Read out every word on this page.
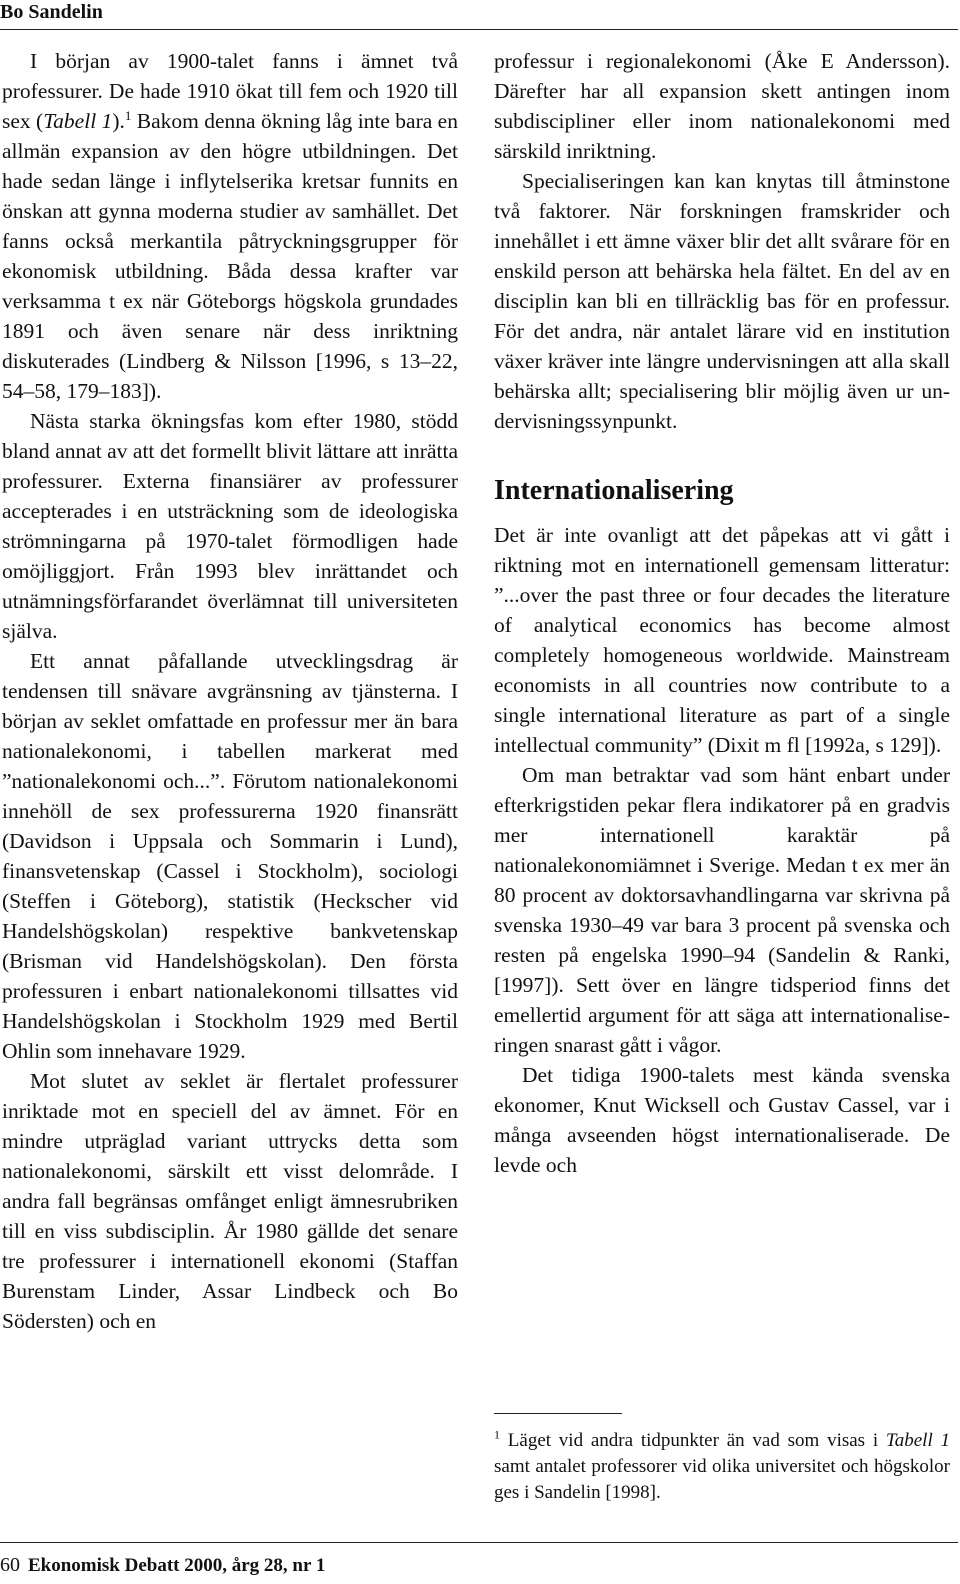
Bo Sandelin

I början av 1900-talet fanns i ämnet två professurer. De hade 1910 ökat till fem och 1920 till sex (Tabell 1).$^1$ Bakom denna ökning låg inte bara en allmän expansion av den högre utbildningen. Det hade sedan länge i inflytelserika kretsar funnits en önskan att gynna moderna studier av samhället. Det fanns också merkantila påtryckningsgrupper för ekonomisk utbildning. Båda dessa krafter var verksamma t ex när Göteborgs högskola grundades 1891 och även senare när dess inriktning diskuterades (Lindberg & Nilsson [1996, s 13–22, 54–58, 179–183]).

Nästa starka ökningsfas kom efter 1980, stödd bland annat av att det formellt blivit lättare att inrätta professurer. Externa finansiärer av professurer accepterades i en utsträckning som de ideologiska strömningarna på 1970-talet förmodligen hade omöjliggjort. Från 1993 blev inrättandet och utnämningsförfarandet överlämnat till universiteten själva.

Ett annat påfallande utvecklingsdrag är tendensen till snävare avgränsning av tjänsterna. I början av seklet omfattade en professur mer än bara nationalekonomi, i tabellen markerat med ”nationalekonomi och...”. Förutom nationalekonomi innehöll de sex professurerna 1920 finansrätt (Davidson i Uppsala och Sommarin i Lund), finansvetenskap (Cassel i Stockholm), sociologi (Steffen i Göteborg), statistik (Heckscher vid Handelshögskolan) respektive bankvetenskap (Brisman vid Handelshögskolan). Den första professuren i enbart nationalekonomi tillsattes vid Handelshögskolan i Stockholm 1929 med Bertil Ohlin som innehavare 1929.

Mot slutet av seklet är flertalet professurer inriktade mot en speciell del av ämnet. För en mindre utpräglad variant uttrycks detta som nationalekonomi, särskilt ett visst delområde. I andra fall begränsas omfånget enligt ämnesrubriken till en viss subdisciplin. År 1980 gällde det senare tre professurer i internationell ekonomi (Staffan Burenstam Linder, Assar Lindbeck och Bo Södersten) och en

professur i regionalekonomi (Åke E Andersson). Därefter har all expansion skett antingen inom subdiscipliner eller inom nationalekonomi med särskild inriktning.

Specialiseringen kan kan knytas till åtminstone två faktorer. När forskningen framskrider och innehållet i ett ämne växer blir det allt svårare för en enskild person att behärska hela fältet. En del av en disciplin kan bli en tillräcklig bas för en professur. För det andra, när antalet lärare vid en institution växer kräver inte längre undervisningen att alla skall behärska allt; specialisering blir möjlig även ur undervisningssynpunkt.

Internationalisering

Det är inte ovanligt att det påpekas att vi gått i riktning mot en internationell gemensam litteratur: ”...over the past three or four decades the literature of analytical economics has become almost completely homogeneous worldwide. Mainstream economists in all countries now contribute to a single international literature as part of a single intellectual community” (Dixit m fl [1992a, s 129]).

Om man betraktar vad som hänt enbart under efterkrigstiden pekar flera indikatorer på en gradvis mer internationell karaktär på nationalekonomiämnet i Sverige. Medan t ex mer än 80 procent av doktorsavhandlingarna var skrivna på svenska 1930–49 var bara 3 procent på svenska och resten på engelska 1990–94 (Sandelin & Ranki, [1997]). Sett över en längre tidsperiod finns det emellertid argument för att säga att internationaliseringen snarast gått i vågor.

Det tidiga 1900-talets mest kända svenska ekonomer, Knut Wicksell och Gustav Cassel, var i många avseenden högst internationaliserade. De levde och

$^1$ Läget vid andra tidpunkter än vad som visas i Tabell 1 samt antalet professorer vid olika universitet och högskolor ges i Sandelin [1998].
60 Ekonomisk Debatt 2000, årg 28, nr 1
